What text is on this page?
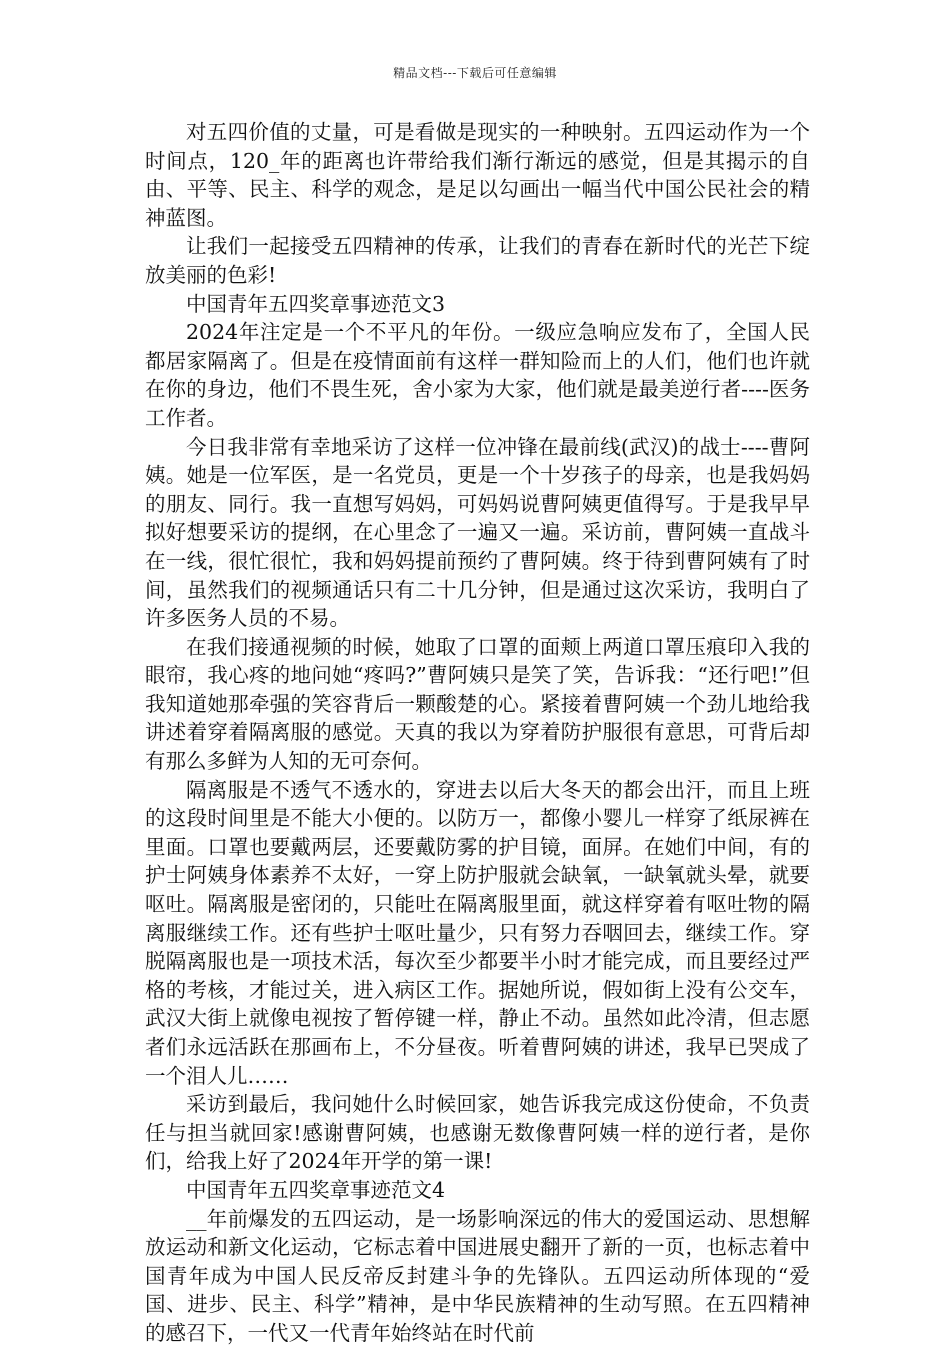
精品文档---下载后可任意编辑

对五四价值的丈量，可是看做是现实的一种映射。五四运动作为一个时间点，120_年的距离也许带给我们渐行渐远的感觉，但是其揭示的自由、平等、民主、科学的观念，是足以勾画出一幅当代中国公民社会的精神蓝图。

让我们一起接受五四精神的传承，让我们的青春在新时代的光芒下绽放美丽的色彩!

中国青年五四奖章事迹范文3

2024年注定是一个不平凡的年份。一级应急响应发布了，全国人民都居家隔离了。但是在疫情面前有这样一群知险而上的人们，他们也许就在你的身边，他们不畏生死，舍小家为大家，他们就是最美逆行者----医务工作者。

今日我非常有幸地采访了这样一位冲锋在最前线(武汉)的战士----曹阿姨。她是一位军医，是一名党员，更是一个十岁孩子的母亲，也是我妈妈的朋友、同行。我一直想写妈妈，可妈妈说曹阿姨更值得写。于是我早早拟好想要采访的提纲，在心里念了一遍又一遍。采访前，曹阿姨一直战斗在一线，很忙很忙，我和妈妈提前预约了曹阿姨。终于待到曹阿姨有了时间，虽然我们的视频通话只有二十几分钟，但是通过这次采访，我明白了许多医务人员的不易。

在我们接通视频的时候，她取了口罩的面颊上两道口罩压痕印入我的眼帘，我心疼的地问她“疼吗?”曹阿姨只是笑了笑，告诉我：“还行吧!”但我知道她那牵强的笑容背后一颗酸楚的心。紧接着曹阿姨一个劲儿地给我讲述着穿着隔离服的感觉。天真的我以为穿着防护服很有意思，可背后却有那么多鲜为人知的无可奈何。

隔离服是不透气不透水的，穿进去以后大冬天的都会出汗，而且上班的这段时间里是不能大小便的。以防万一，都像小婴儿一样穿了纸尿裤在里面。口罩也要戴两层，还要戴防雾的护目镜，面屏。在她们中间，有的护士阿姨身体素养不太好，一穿上防护服就会缺氧，一缺氧就头晕，就要呕吐。隔离服是密闭的，只能吐在隔离服里面，就这样穿着有呕吐物的隔离服继续工作。还有些护士呕吐量少，只有努力吞咽回去，继续工作。穿脱隔离服也是一项技术活，每次至少都要半小时才能完成，而且要经过严格的考核，才能过关，进入病区工作。据她所说，假如街上没有公交车，武汉大街上就像电视按了暂停键一样，静止不动。虽然如此冷清，但志愿者们永远活跃在那画布上，不分昼夜。听着曹阿姨的讲述，我早已哭成了一个泪人儿……

采访到最后，我问她什么时候回家，她告诉我完成这份使命，不负责任与担当就回家!感谢曹阿姨，也感谢无数像曹阿姨一样的逆行者，是你们，给我上好了2024年开学的第一课!

中国青年五四奖章事迹范文4

__年前爆发的五四运动，是一场影响深远的伟大的爱国运动、思想解放运动和新文化运动，它标志着中国进展史翻开了新的一页，也标志着中国青年成为中国人民反帝反封建斗争的先锋队。五四运动所体现的“爱国、进步、民主、科学”精神，是中华民族精神的生动写照。在五四精神的感召下，一代又一代青年始终站在时代前
